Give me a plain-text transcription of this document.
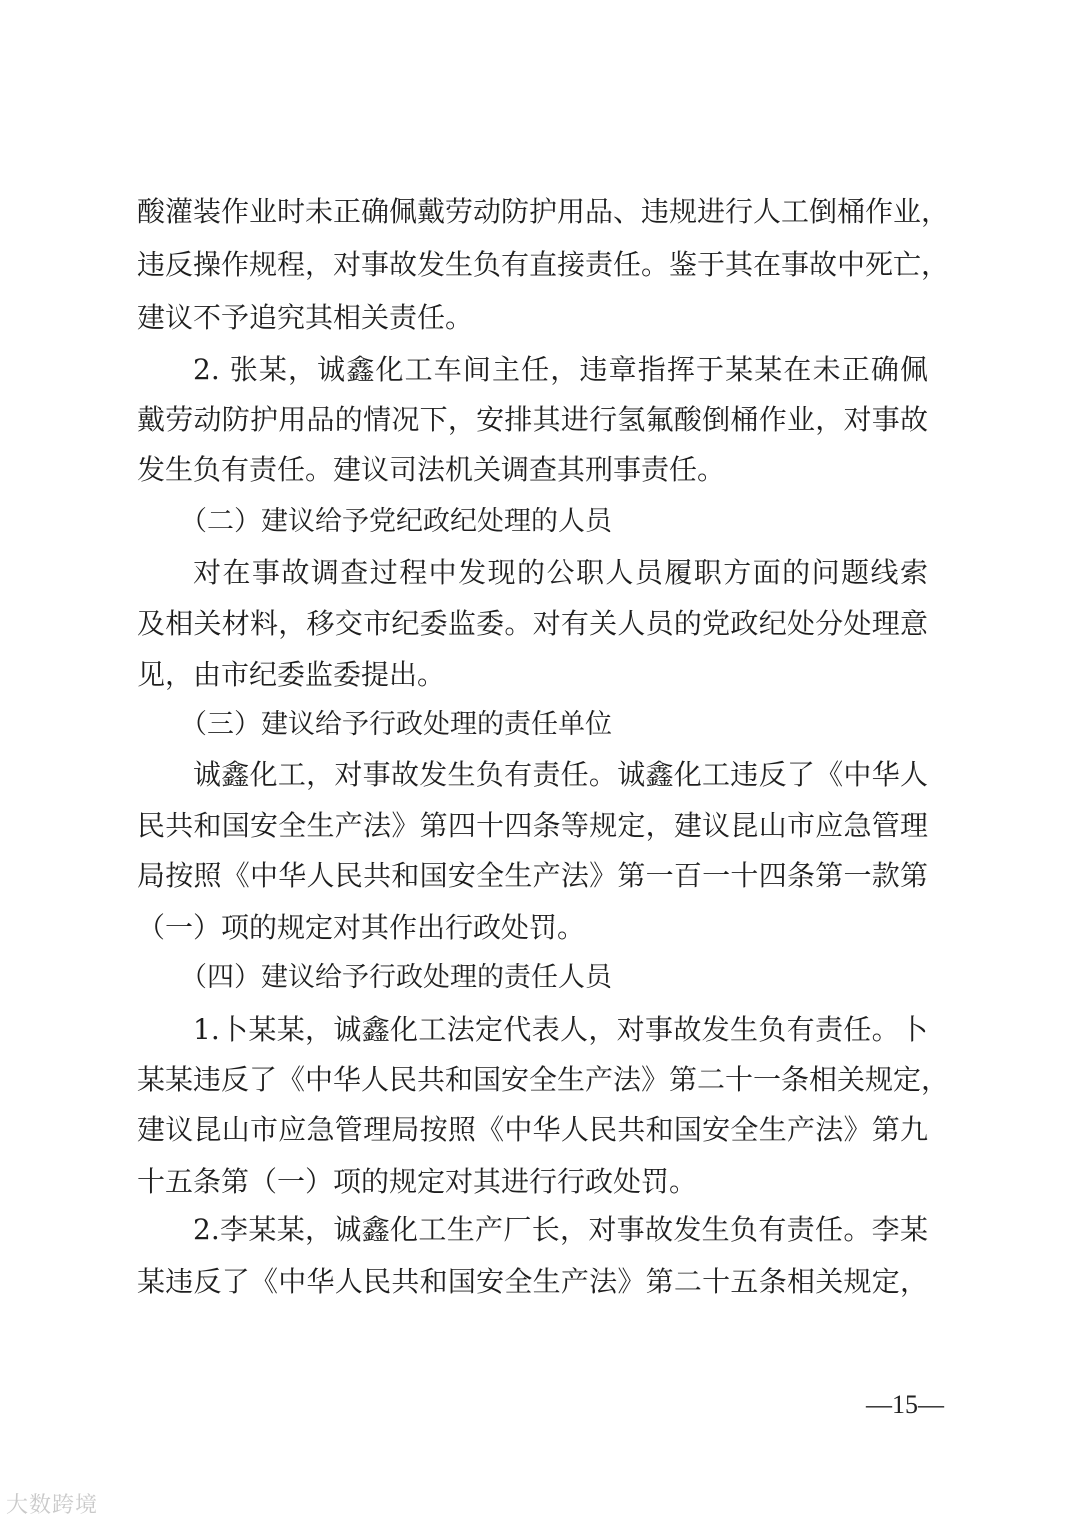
酸灌装作业时未正确佩戴劳动防护用品、违规进行人工倒桶作业，
违反操作规程，对事故发生负有直接责任。鉴于其在事故中死亡，
建议不予追究其相关责任。
2. 张某，诚鑫化工车间主任，违章指挥于某某在未正确佩
戴劳动防护用品的情况下，安排其进行氢氟酸倒桶作业，对事故
发生负有责任。建议司法机关调查其刑事责任。
（二）建议给予党纪政纪处理的人员
对在事故调查过程中发现的公职人员履职方面的问题线索
及相关材料，移交市纪委监委。对有关人员的党政纪处分处理意
见，由市纪委监委提出。
（三）建议给予行政处理的责任单位
诚鑫化工，对事故发生负有责任。诚鑫化工违反了《中华人
民共和国安全生产法》第四十四条等规定，建议昆山市应急管理
局按照《中华人民共和国安全生产法》第一百一十四条第一款第
（一）项的规定对其作出行政处罚。
（四）建议给予行政处理的责任人员
1.卜某某，诚鑫化工法定代表人，对事故发生负有责任。卜
某某违反了《中华人民共和国安全生产法》第二十一条相关规定，
建议昆山市应急管理局按照《中华人民共和国安全生产法》第九
十五条第（一）项的规定对其进行行政处罚。
2.李某某，诚鑫化工生产厂长，对事故发生负有责任。李某
某违反了《中华人民共和国安全生产法》第二十五条相关规定，
—15—
大数跨境
